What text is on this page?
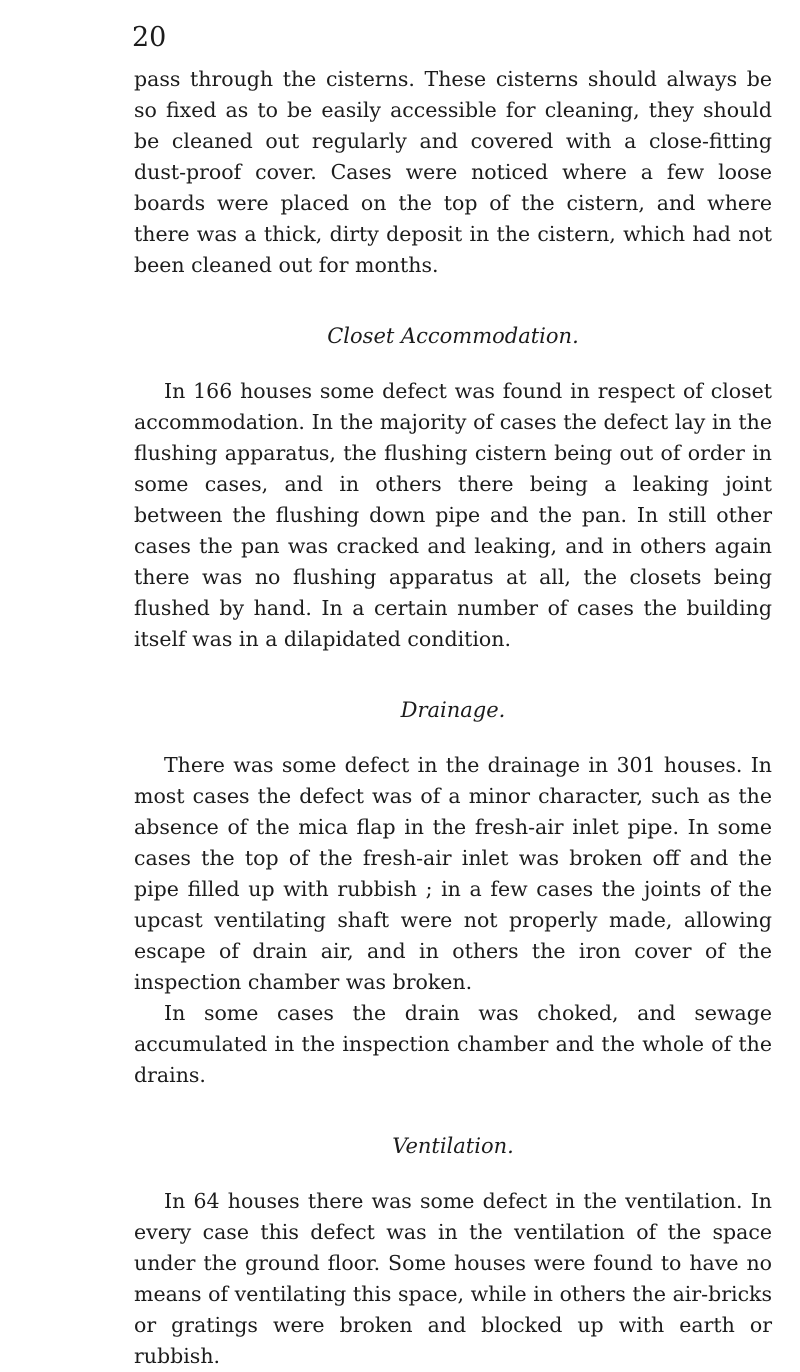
20

pass through the cisterns. These cisterns should always be so fixed as to be easily accessible for cleaning, they should be cleaned out regularly and covered with a close-fitting dust-proof cover. Cases were noticed where a few loose boards were placed on the top of the cistern, and where there was a thick, dirty deposit in the cistern, which had not been cleaned out for months.

Closet Accommodation.

In 166 houses some defect was found in respect of closet accommodation. In the majority of cases the defect lay in the flushing apparatus, the flushing cistern being out of order in some cases, and in others there being a leaking joint between the flushing down pipe and the pan. In still other cases the pan was cracked and leaking, and in others again there was no flushing apparatus at all, the closets being flushed by hand. In a certain number of cases the building itself was in a dilapidated condition.

Drainage.

There was some defect in the drainage in 301 houses. In most cases the defect was of a minor character, such as the absence of the mica flap in the fresh-air inlet pipe. In some cases the top of the fresh-air inlet was broken off and the pipe filled up with rubbish ; in a few cases the joints of the upcast ventilating shaft were not properly made, allowing escape of drain air, and in others the iron cover of the inspection chamber was broken.

In some cases the drain was choked, and sewage accumulated in the inspection chamber and the whole of the drains.

Ventilation.

In 64 houses there was some defect in the ventilation. In every case this defect was in the ventilation of the space under the ground floor. Some houses were found to have no means of ventilating this space, while in others the air-bricks or gratings were broken and blocked up with earth or rubbish.
